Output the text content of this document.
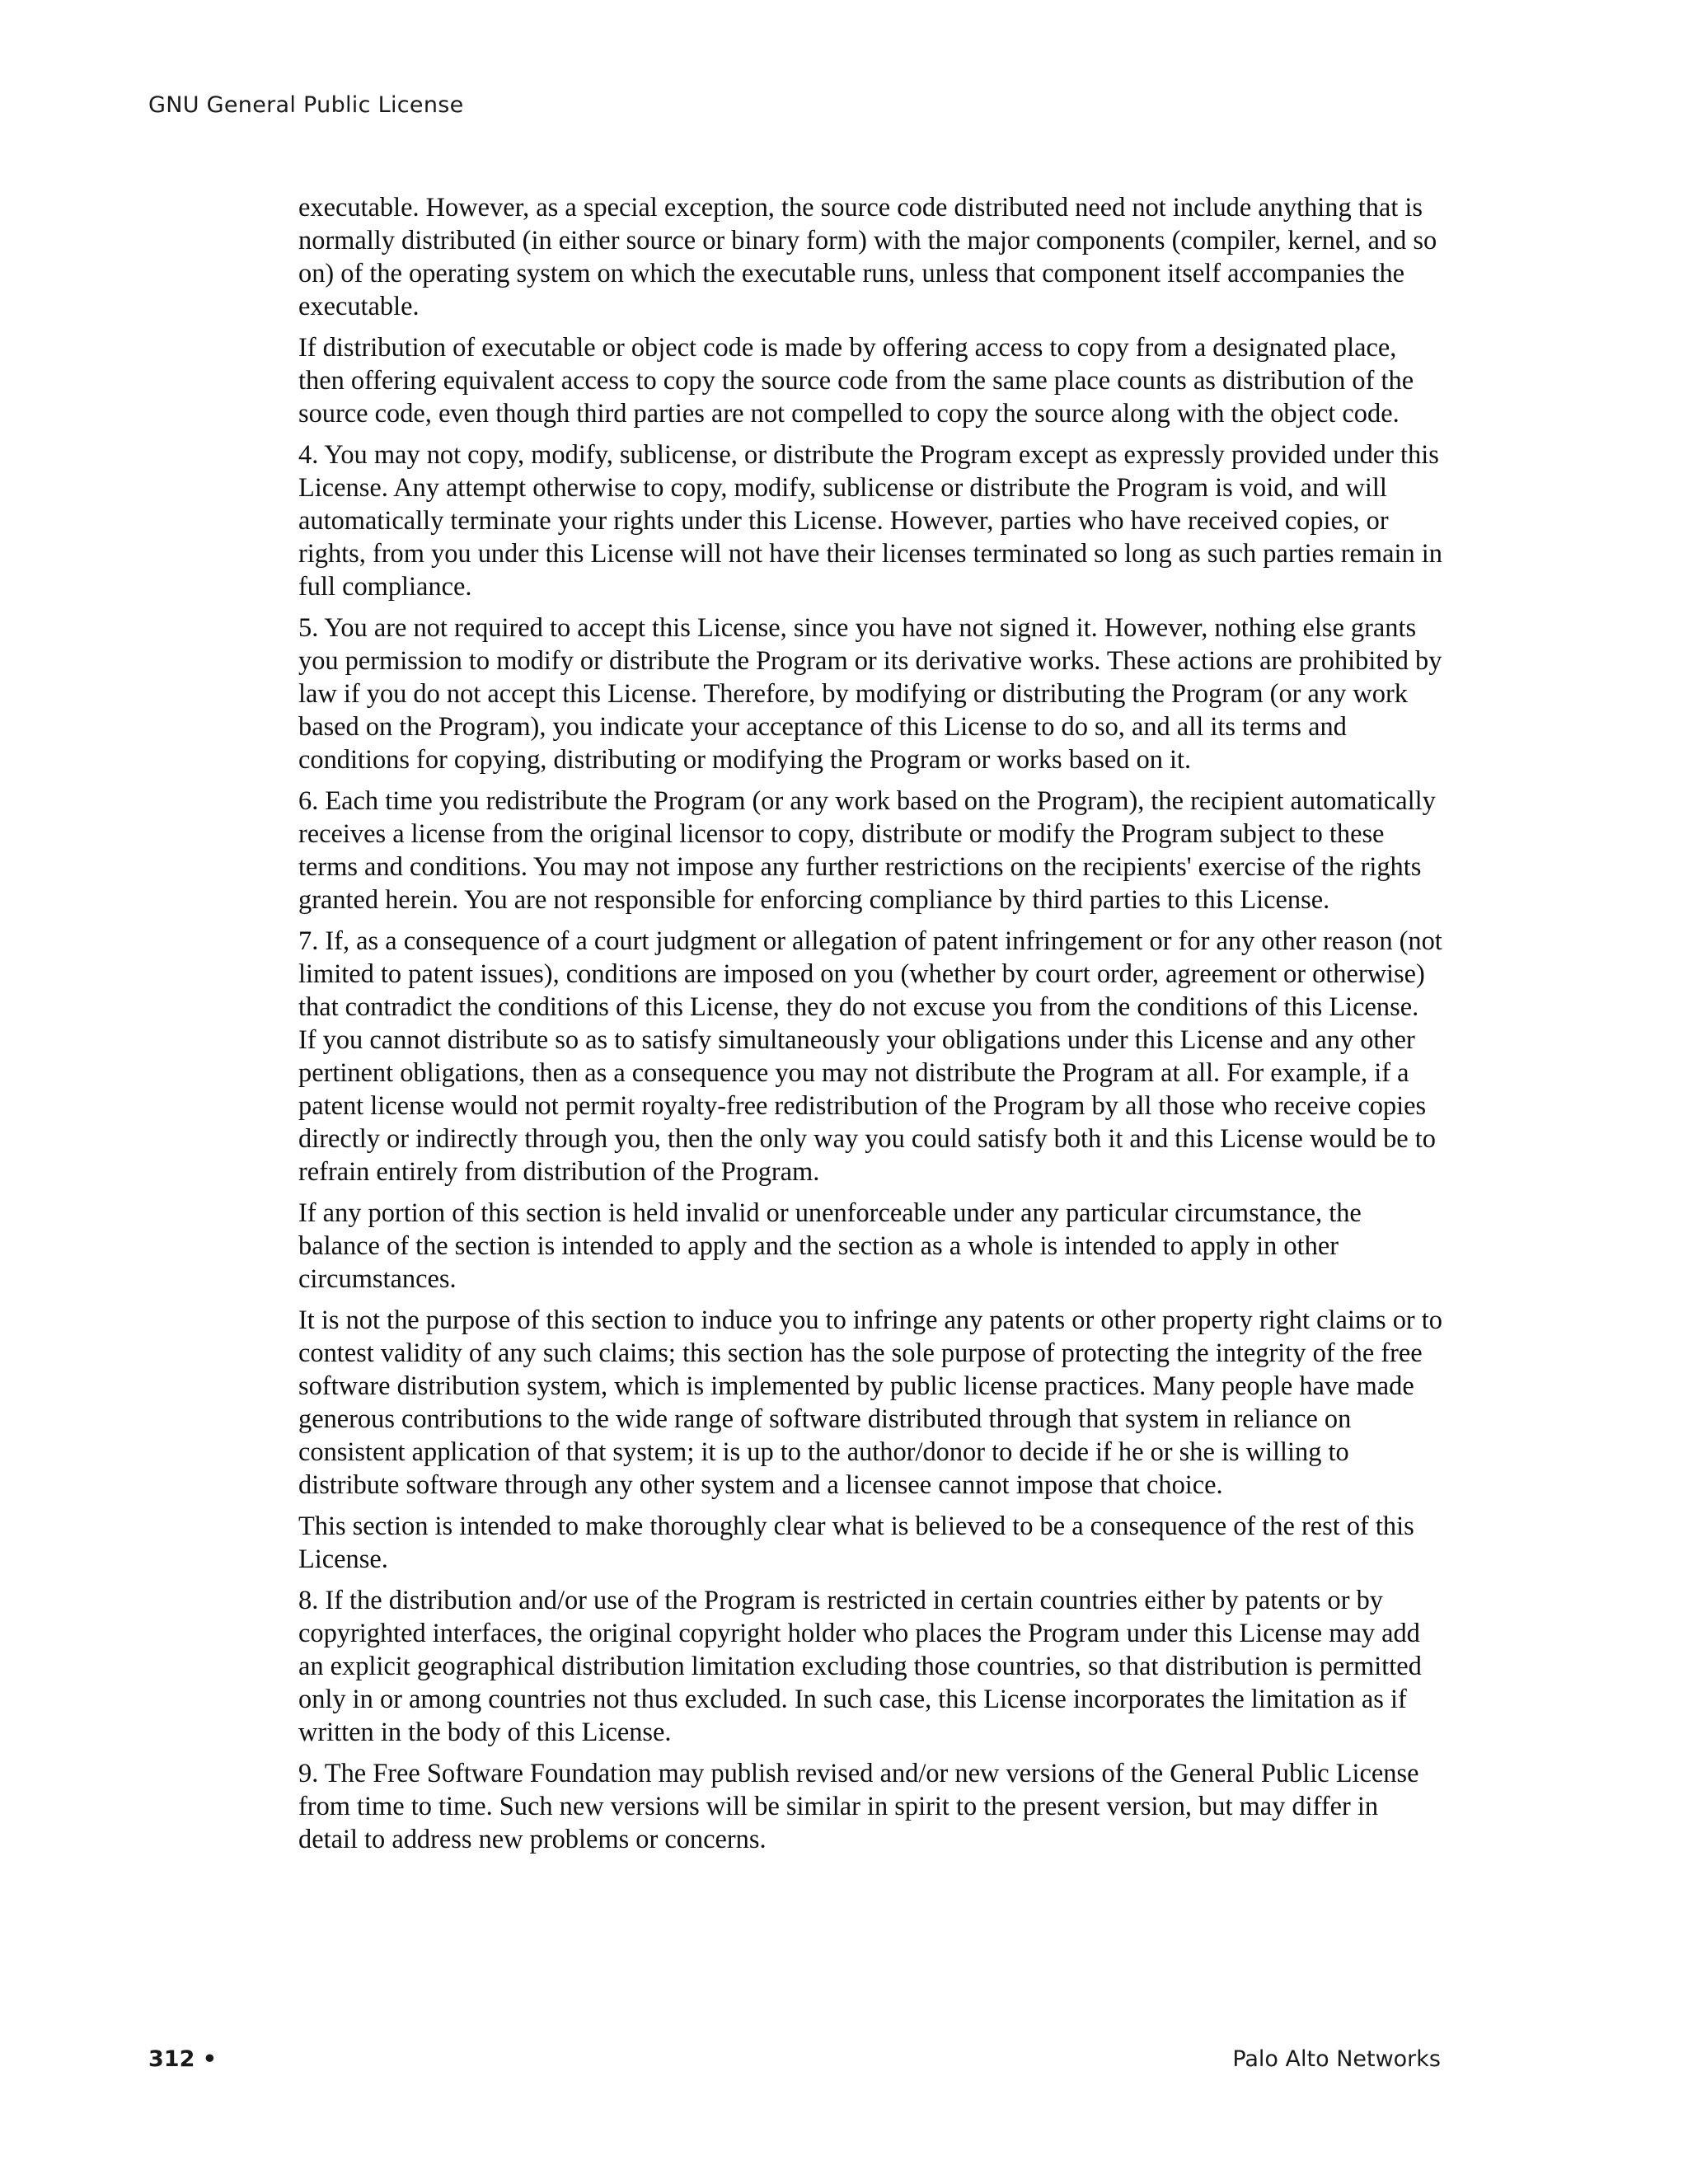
GNU General Public License

executable. However, as a special exception, the source code distributed need not include anything that is normally distributed (in either source or binary form) with the major components (compiler, kernel, and so on) of the operating system on which the executable runs, unless that component itself accompanies the executable.

If distribution of executable or object code is made by offering access to copy from a designated place, then offering equivalent access to copy the source code from the same place counts as distribution of the source code, even though third parties are not compelled to copy the source along with the object code.

4. You may not copy, modify, sublicense, or distribute the Program except as expressly provided under this License. Any attempt otherwise to copy, modify, sublicense or distribute the Program is void, and will automatically terminate your rights under this License. However, parties who have received copies, or rights, from you under this License will not have their licenses terminated so long as such parties remain in full compliance.

5. You are not required to accept this License, since you have not signed it. However, nothing else grants you permission to modify or distribute the Program or its derivative works. These actions are prohibited by law if you do not accept this License. Therefore, by modifying or distributing the Program (or any work based on the Program), you indicate your acceptance of this License to do so, and all its terms and conditions for copying, distributing or modifying the Program or works based on it.

6. Each time you redistribute the Program (or any work based on the Program), the recipient automatically receives a license from the original licensor to copy, distribute or modify the Program subject to these terms and conditions. You may not impose any further restrictions on the recipients' exercise of the rights granted herein. You are not responsible for enforcing compliance by third parties to this License.

7. If, as a consequence of a court judgment or allegation of patent infringement or for any other reason (not limited to patent issues), conditions are imposed on you (whether by court order, agreement or otherwise) that contradict the conditions of this License, they do not excuse you from the conditions of this License. If you cannot distribute so as to satisfy simultaneously your obligations under this License and any other pertinent obligations, then as a consequence you may not distribute the Program at all. For example, if a patent license would not permit royalty-free redistribution of the Program by all those who receive copies directly or indirectly through you, then the only way you could satisfy both it and this License would be to refrain entirely from distribution of the Program.

If any portion of this section is held invalid or unenforceable under any particular circumstance, the balance of the section is intended to apply and the section as a whole is intended to apply in other circumstances.

It is not the purpose of this section to induce you to infringe any patents or other property right claims or to contest validity of any such claims; this section has the sole purpose of protecting the integrity of the free software distribution system, which is implemented by public license practices. Many people have made generous contributions to the wide range of software distributed through that system in reliance on consistent application of that system; it is up to the author/donor to decide if he or she is willing to distribute software through any other system and a licensee cannot impose that choice.

This section is intended to make thoroughly clear what is believed to be a consequence of the rest of this License.

8. If the distribution and/or use of the Program is restricted in certain countries either by patents or by copyrighted interfaces, the original copyright holder who places the Program under this License may add an explicit geographical distribution limitation excluding those countries, so that distribution is permitted only in or among countries not thus excluded. In such case, this License incorporates the limitation as if written in the body of this License.

9. The Free Software Foundation may publish revised and/or new versions of the General Public License from time to time. Such new versions will be similar in spirit to the present version, but may differ in detail to address new problems or concerns.

312 •	Palo Alto Networks
